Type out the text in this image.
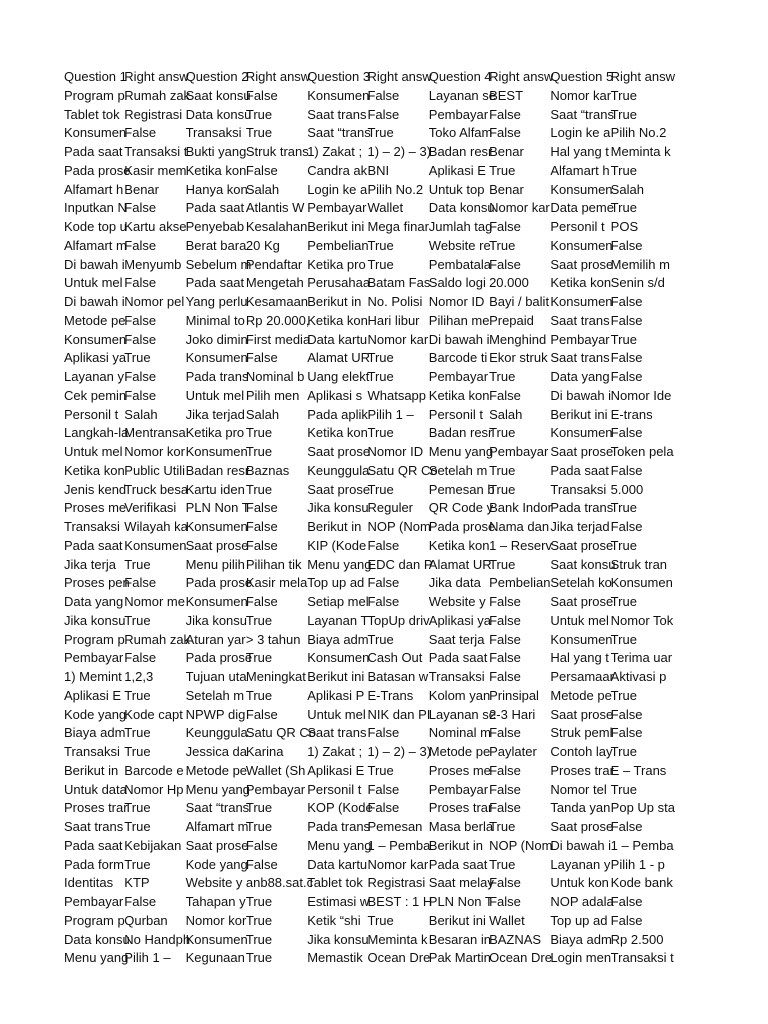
Question 1	Right answ	Question 2	Right answ	Question 3	Right answ	Question 4	Right answ	Question 5	Right answ
Program p	Rumah zak	Saat konsu	False	Konsumen	False	Layanan se	BEST	Nomor kar	True
Tablet tok	Registrasi	Data konsu	True	Saat trans	False	Pembayar	False	Saat “trans	True
Konsumen	False	Transaksi	True	Saat “trans	True	Toko Alfam	False	Login ke a	Pilih No.2
Pada saat	Transaksi t	Bukti yang	Struk trans	1) Zakat ;	1) – 2) – 3)	Badan resr	Benar	Hal yang t	Meminta k
Pada prose	Kasir mem	Ketika kon	False	Candra ak	BNI	Aplikasi E	True	Alfamart h	True
Alfamart h	Benar	Hanya kon	Salah	Login ke a	Pilih No.2	Untuk top	Benar	Konsumen	Salah
Inputkan N	False	Pada saat	Atlantis W	Pembayar	Wallet	Data konsu	Nomor kar	Data peme	True
Kode top u	Kartu akse	Penyebab	Kesalahan	Berikut ini	Mega finar	Jumlah tag	False	Personil t	POS
Alfamart m	False	Berat bara	20 Kg	Pembelian	True	Website re	True	Konsumen	False
Di bawah i	Menyumb	Sebelum m	Pendaftar	Ketika pro	True	Pembatala	False	Saat prose	Memilih m
Untuk mel	False	Pada saat	Mengetah	Perusahaa	Batam Fas	Saldo logi	20.000	Ketika kon	Senin s/d
Di bawah i	Nomor pel	Yang perlu	Kesamaan	Berikut in	No. Polisi	Nomor ID	Bayi / balit	Konsumen	False
Metode pe	False	Minimal to	Rp 20.000,	Ketika kon	Hari libur	Pilihan me	Prepaid	Saat trans	False
Konsumen	False	Joko dimin	First media	Data kartu	Nomor kar	Di bawah i	Menghind	Pembayar	True
Aplikasi ya	True	Konsumen	False	Alamat UR	True	Barcode ti	Ekor struk	Saat trans	False
Layanan y	False	Pada trans	Nominal b	Uang elekt	True	Pembayar	True	Data yang	False
Cek pemin	False	Untuk mel	Pilih men	Aplikasi s	Whatsapp	Ketika kon	False	Di bawah i	Nomor Ide
Personil t	Salah	Jika terjad	Salah	Pada aplik	Pilih 1 –	Personil t	Salah	Berikut ini	E-trans
Langkah-la	Mentransa	Ketika pro	True	Ketika kon	True	Badan resr	True	Konsumen	False
Untuk mel	Nomor kor	Konsumen	True	Saat prose	Nomor ID	Menu yang	Pembayar	Saat prose	Token pela
Ketika kon	Public Utili	Badan resr	Baznas	Keunggula	Satu QR Co	Setelah m	True	Pada saat	False
Jenis kend	Truck besa	Kartu iden	True	Saat prose	True	Pemesan b	True	Transaksi	5.000
Proses me	Verifikasi	PLN Non T	False	Jika konsu	Reguler	QR Code y	Bank Indor	Pada trans	True
Transaksi	Wilayah ka	Konsumen	False	Berikut in	NOP (Nom	Pada prose	Nama dan	Jika terjad	False
Pada saat	Konsumen	Saat prose	False	KIP (Kode	False	Ketika kon	1 – Reserv	Saat prose	True
Jika terja	True	Menu pilih	Pilihan tik	Menu yang	EDC dan P	Alamat UR	True	Saat konsu	Struk tran
Proses pen	False	Pada prose	Kasir mela	Top up ad	False	Jika data	Pembelian	Setelah ko	Konsumen
Data yang	Nomor me	Konsumen	False	Setiap mel	False	Website y	False	Saat prose	True
Jika konsu	True	Jika konsu	True	Layanan T	TopUp driv	Aplikasi ya	False	Untuk mel	Nomor Tok
Program p	Rumah zak	Aturan yar	> 3 tahun	Biaya adm	True	Saat terja	False	Konsumen	True
Pembayar	False	Pada prose	True	Konsumen	Cash Out	Pada saat	False	Hal yang t	Terima uar
1) Memint	1,2,3	Tujuan uta	Meningkat	Berikut ini	Batasan w	Transaksi	False	Persamaar	Aktivasi p
Aplikasi E	True	Setelah m	True	Aplikasi P	E-Trans	Kolom yan	Prinsipal	Metode pe	True
Kode yang	Kode capt	NPWP dig	False	Untuk mel	NIK dan PI	Layanan se	2-3 Hari	Saat prose	False
Biaya adm	True	Keunggula	Satu QR Co	Saat trans	False	Nominal m	False	Struk peml	False
Transaksi	True	Jessica da	Karina	1) Zakat ;	1) – 2) – 3)	Metode pe	Paylater	Contoh lay	True
Berikut in	Barcode e	Metode pe	Wallet (Sh	Aplikasi E	True	Proses me	False	Proses trar	E – Trans
Untuk data	Nomor Hp	Menu yang	Pembayar	Personil t	False	Pembayar	False	Nomor tel	True
Proses trar	True	Saat “trans	True	KOP (Kode	False	Proses trar	False	Tanda yan	Pop Up sta
Saat trans	True	Alfamart m	True	Pada trans	Pemesan	Masa berla	True	Saat prose	False
Pada saat	Kebijakan	Saat prose	False	Menu yang	1 – Pemba	Berikut in	NOP (Nom	Di bawah i	1 – Pemba
Pada form	True	Kode yang	False	Data kartu	Nomor kar	Pada saat	True	Layanan y	Pilih 1 - p
Identitas	KTP	Website y	anb88.sat.c	Tablet tok	Registrasi	Saat melay	False	Untuk kon	Kode bank
Pembayar	False	Tahapan y	True	Estimasi w	BEST : 1 H	PLN Non T	False	NOP adala	False
Program p	Qurban	Nomor kor	True	Ketik “shi	True	Berikut ini	Wallet	Top up ad	False
Data konsu	No Handph	Konsumen	True	Jika konsu	Meminta k	Besaran in	BAZNAS	Biaya adm	Rp 2.500
Menu yang	Pilih 1 –	Kegunaan	True	Memastik	Ocean Dre	Pak Martin	Ocean Dre	Login men	Transaksi t
